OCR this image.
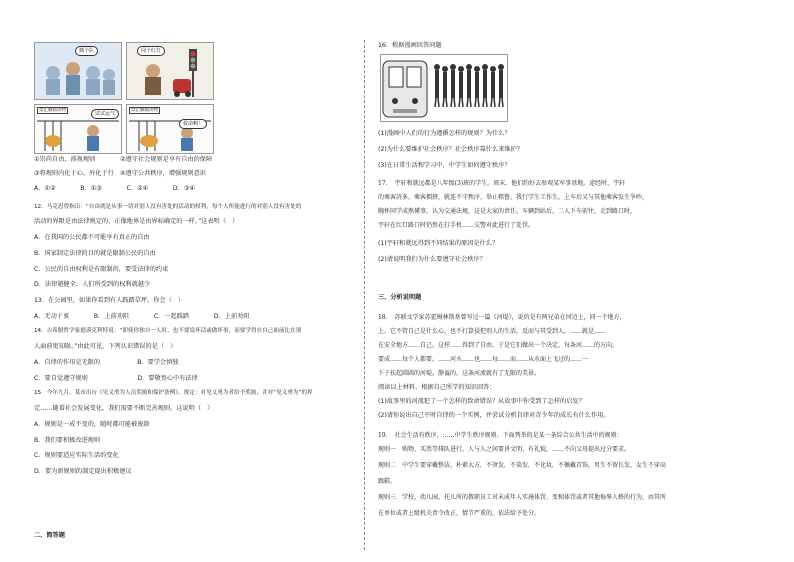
插个队	闯个红灯
禁止触摸动物
试试运气
禁止触摸动物
救命啊！
①崇尚自由，漠视规则　　　　②遵守社会规则是享有自由的保障
③将规则内化于心、外化于行　④遵守公共秩序，增强规则意识
A．①②　　　　B．①③　　　　C．②④　　　　D．③④
12．马克思曾指出：“自由就是从事一切对别人没有害处的活动的权利，每个人所能进行的对别人没有害处的
活动的界限是由法律规定的，正像地界是由界标确定的一样。”这表明（　）
A．在我国的公民都不可能享有真正的自由
B．国家制定法律的目的就是限制公民的自由
C．公民的自由权利是有限制的，要受法律的约束
D．法律越健全，人们所受到的权利就越少
13．在公园里，如果你看到有人践踏草坪，你会（　）
A．无动于衷　　　　B．上前劝阻　　　　C．一起践踏　　　　D．上前劝阻
14．古希腊哲学家德谟克利特说：“即使你独自一人时，也不要说坏话或做坏事，而要学得在自己面前比在别
人面前更知耻。”由此可见，下列认识错误的是（　）
A．自律的作用是无限的　　　　　　B．要学会慎独
C．要自觉遵守规则　　　　　　　　D．要敬畏心中有法律
15．今年九月，某市出台《见义勇为人员奖励和保护条例》，规定：对见义勇为者给予奖励，并对“见义勇为”的界
定……随着社会发展变化，我们需要不断完善规则。这说明（　）
A．规则是一成不变的，随时都可能被废除
B．我们要积极改进规则
C．规则要适应实际生活的变化
D．要为新规则的制定提出积极建议
二、简答题
16．根据漫画回答问题
(1)漫画中人们的行为遵循怎样的规则？为什么？
(2)为什么要维护社会秩序？社会秩序靠什么来维护？
(3)在日常生活和学习中，中学生如何遵守秩序？
17．　宇轩和就远都是八年级(3)班的学生。周末，他们约好去参观某军事基地。途经时，宇轩
的乘客济多，乘客拥挤，就连不守秩序，举止粗鲁。我行学生工作生，上车后又与其他乘客发生争吵，
胸怀同学成熟懂事，认为交通法规，这是大家的责任。车辆到站后，二人下车前往，走到路口时，
宇轩在红灯路口时仍然在打手机……交警对此进行了处罚。
(1)宇轩和就远得到不同结果的原因是什么？
(2)请说明我们为什么要遵守社会秩序？
三、分析说明题
18．　苏联文学家苏霍姆林斯基曾写过一篇《河堤》，说的是有两兄弟在河边上，同一个地方，
上。它不管自己是什么心，也不打算侵犯别人的生活，反而与其受到人，……就是……
在安全地方……自己。这样……得到了自由。于是它们做出一个决定，每条河……的方向，
要成……每个人都要。……河水……也……每……而……从水面上飞过的……一
下子扶起圆圆的河堤。静谧的，这条河流就有了无限的美景。
阅读以上材料，根据自己所学的知识回答：
(1)故事里的河流犯了一个怎样的致命错误？从故事中你受到了怎样的启发？
(2)请你说出自己平时自律的一个实例，并尝试分析自律对青少年的成长有什么作用。
19．　社会生活有秩序，……中学生秩序规则。下面列举的是某一条综合公共生活中的规则：
规则一　购物、买票等排队进行，人与人之间要讲文明、有礼貌，……不向父母提出过分要求。
规则二　中学生要穿戴整洁，朴素大方，不烫发，不染发，不化妆，不佩戴首饰，男生不留长发，女生不穿高
跟鞋。
规则三　学校、幼儿园、托儿所的教职员工对未成年人实施体罚、变相体罚或者其他侮辱人格的行为，由其所
在单位或者上级机关责令改正，情节严重的，依法给予处分。
